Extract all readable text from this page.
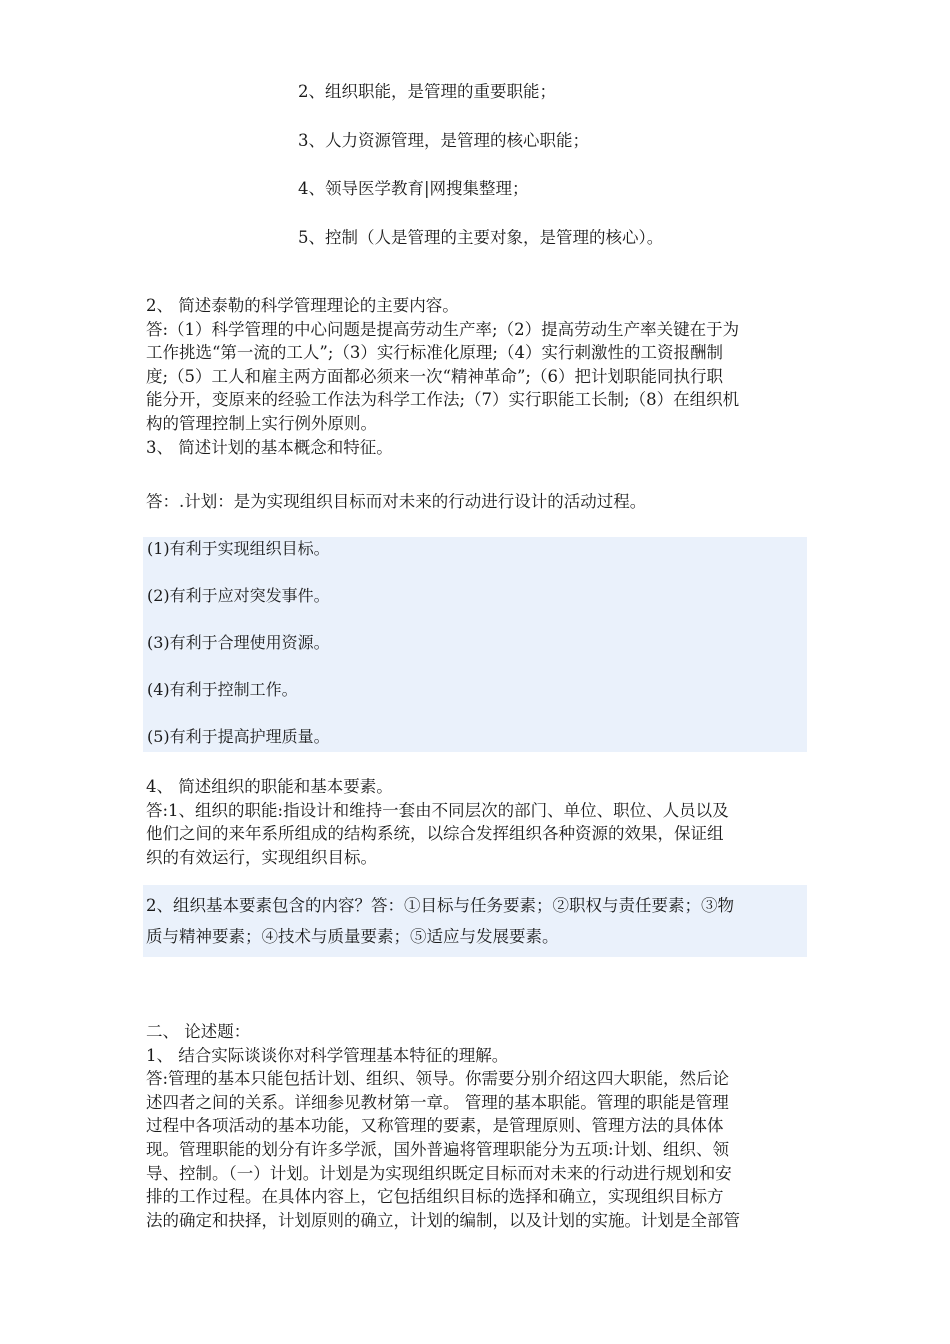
2、组织职能，是管理的重要职能；
3、人力资源管理，是管理的核心职能；
4、领导医学教育|网搜集整理；
5、控制（人是管理的主要对象，是管理的核心）。

2、 简述泰勒的科学管理理论的主要内容。

答:（1）科学管理的中心问题是提高劳动生产率;（2）提高劳动生产率关键在于为

工作挑选“第一流的工人”;（3）实行标准化原理;（4）实行刺激性的工资报酬制

度;（5）工人和雇主两方面都必须来一次“精神革命”;（6）把计划职能同执行职

能分开，变原来的经验工作法为科学工作法;（7）实行职能工长制;（8）在组织机

构的管理控制上实行例外原则。

3、 简述计划的基本概念和特征。

答：.计划：是为实现组织目标而对未来的行动进行设计的活动过程。

(1)有利于实现组织目标。
(2)有利于应对突发事件。
(3)有利于合理使用资源。
(4)有利于控制工作。
(5)有利于提高护理质量。

4、 简述组织的职能和基本要素。

答:1、组织的职能:指设计和维持一套由不同层次的部门、单位、职位、人员以及

他们之间的来年系所组成的结构系统，以综合发挥组织各种资源的效果，保证组

织的有效运行，实现组织目标。

2、组织基本要素包含的内容？答：①目标与任务要素；②职权与责任要素；③物
质与精神要素；④技术与质量要素；⑤适应与发展要素。

二、 论述题：

1、 结合实际谈谈你对科学管理基本特征的理解。

答:管理的基本只能包括计划、组织、领导。你需要分别介绍这四大职能，然后论

述四者之间的关系。详细参见教材第一章。 管理的基本职能。管理的职能是管理

过程中各项活动的基本功能，又称管理的要素，是管理原则、管理方法的具体体

现。管理职能的划分有许多学派，国外普遍将管理职能分为五项:计划、组织、领

导、控制。（一）计划。计划是为实现组织既定目标而对未来的行动进行规划和安

排的工作过程。在具体内容上，它包括组织目标的选择和确立，实现组织目标方

法的确定和抉择，计划原则的确立，计划的编制，以及计划的实施。计划是全部管
